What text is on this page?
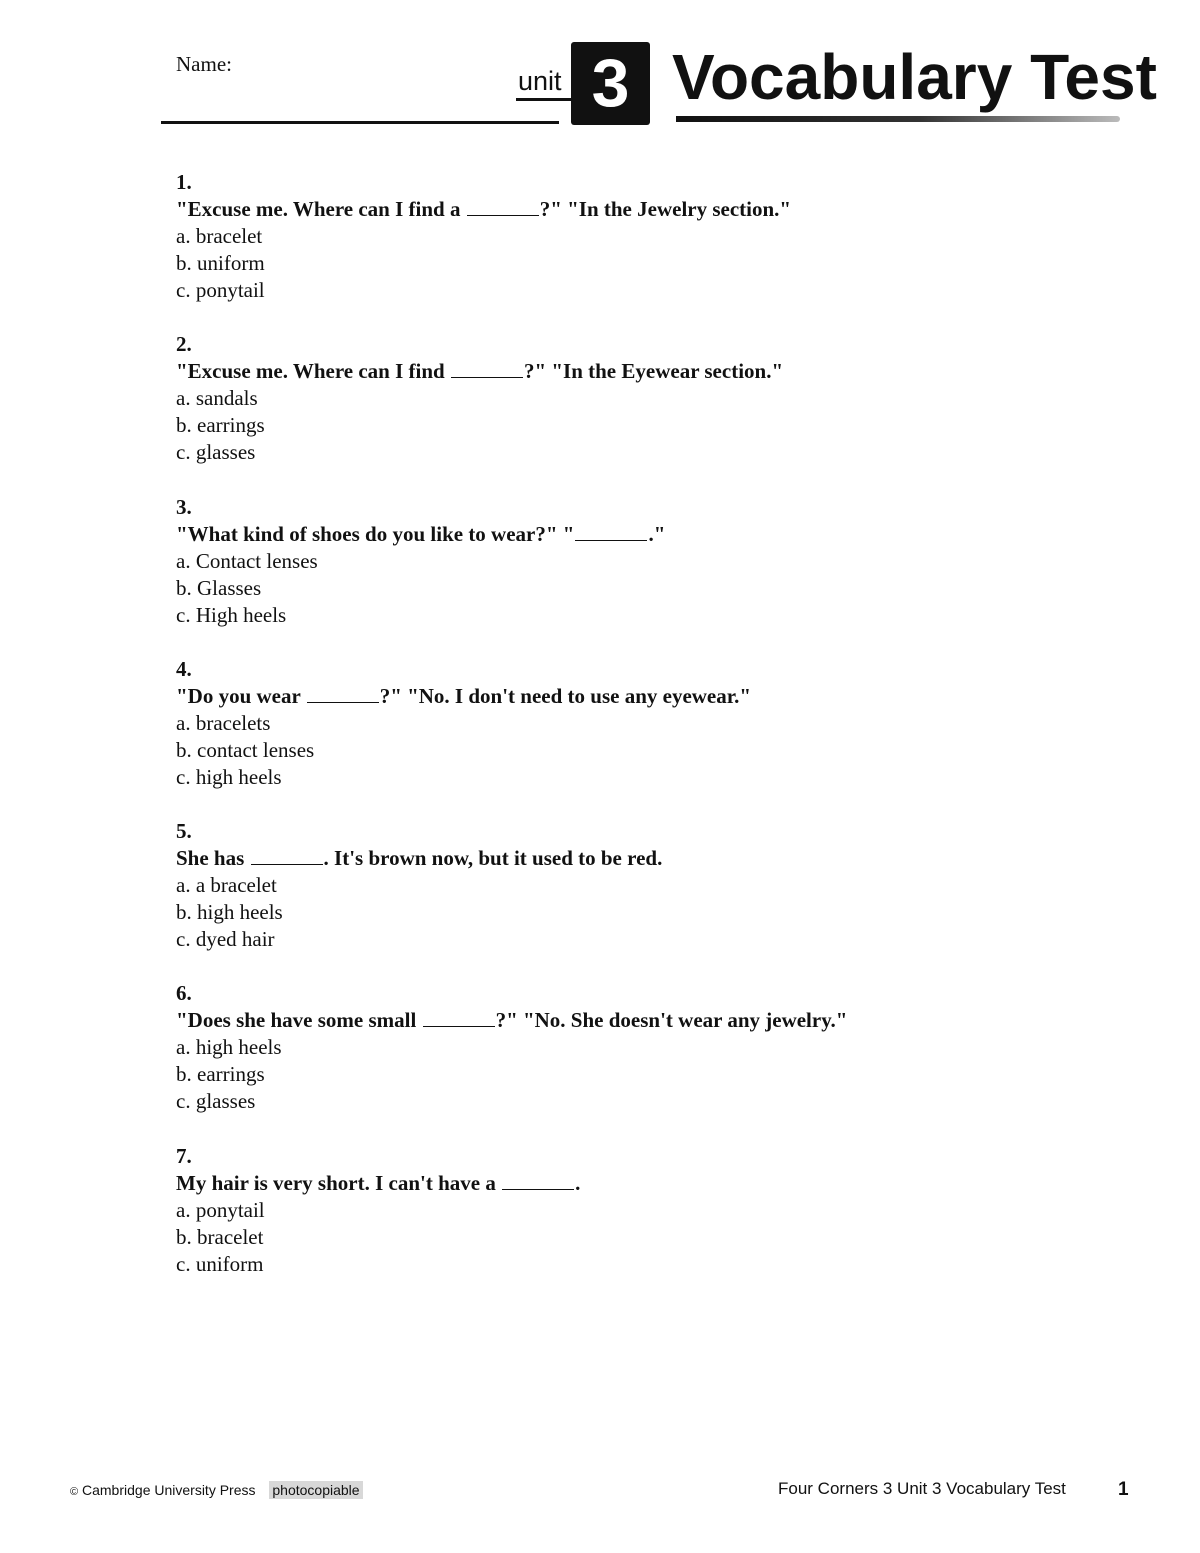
Name:
unit 3 Vocabulary Test
1.
"Excuse me. Where can I find a	?" "In the Jewelry section."
a. bracelet
b. uniform
c. ponytail
2.
"Excuse me. Where can I find	?" "In the Eyewear section."
a. sandals
b. earrings
c. glasses
3.
"What kind of shoes do you like to wear?" "	."
a. Contact lenses
b. Glasses
c. High heels
4.
"Do you wear	?" "No. I don't need to use any eyewear."
a. bracelets
b. contact lenses
c. high heels
5.
She has	. It's brown now, but it used to be red.
a. a bracelet
b. high heels
c. dyed hair
6.
"Does she have some small	?" "No. She doesn't wear any jewelry."
a. high heels
b. earrings
c. glasses
7.
My hair is very short. I can't have a	.
a. ponytail
b. bracelet
c. uniform
© Cambridge University Press photocopiable	Four Corners 3 Unit 3 Vocabulary Test	1
